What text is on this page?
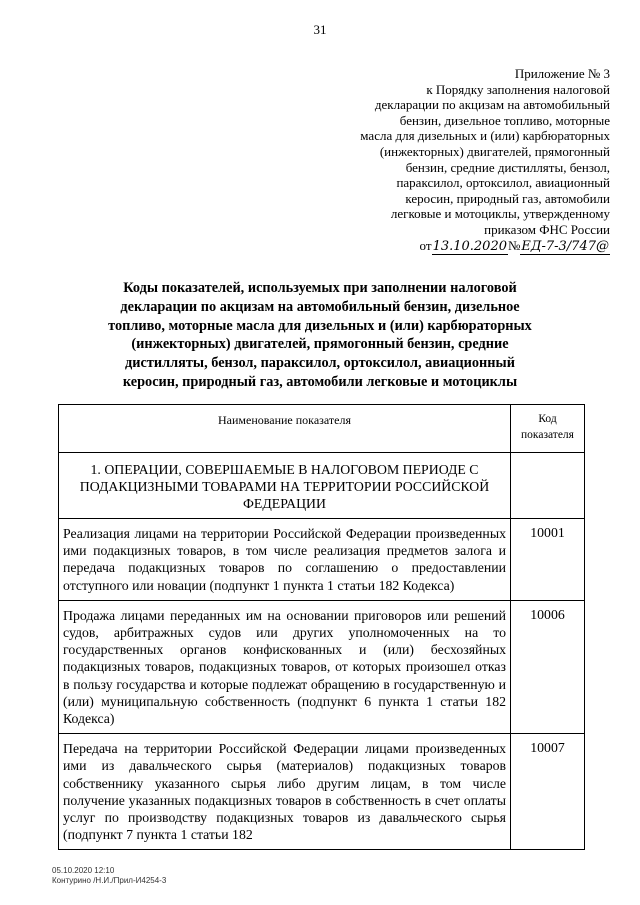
31
Приложение № 3
к Порядку заполнения налоговой
декларации по акцизам на автомобильный
бензин, дизельное топливо, моторные
масла для дизельных и (или) карбюраторных
(инжекторных) двигателей, прямогонный
бензин, средние дистилляты, бензол,
параксилол, ортоксилол, авиационный
керосин, природный газ, автомобили
легковые и мотоциклы, утвержденному
приказом ФНС России
от13.10.2020№ЕД-7-3/747@
Коды показателей, используемых при заполнении налоговой
декларации по акцизам на автомобильный бензин, дизельное
топливо, моторные масла для дизельных и (или) карбюраторных
(инжекторных) двигателей, прямогонный бензин, средние
дистилляты, бензол, параксилол, ортоксилол, авиационный
керосин, природный газ, автомобили легковые и мотоциклы
Наименование показателя	Код показателя
1. ОПЕРАЦИИ, СОВЕРШАЕМЫЕ В НАЛОГОВОМ ПЕРИОДЕ С ПОДАКЦИЗНЫМИ ТОВАРАМИ НА ТЕРРИТОРИИ РОССИЙСКОЙ ФЕДЕРАЦИИ	
Реализация лицами на территории Российской Федерации произведенных ими подакцизных товаров, в том числе реализация предметов залога и передача подакцизных товаров по соглашению о предоставлении отступного или новации (подпункт 1 пункта 1 статьи 182 Кодекса)	10001
Продажа лицами переданных им на основании приговоров или решений судов, арбитражных судов или других уполномоченных на то государственных органов конфискованных и (или) бесхозяйных подакцизных товаров, подакцизных товаров, от которых произошел отказ в пользу государства и которые подлежат обращению в государственную и (или) муниципальную собственность (подпункт 6 пункта 1 статьи 182 Кодекса)	10006
Передача на территории Российской Федерации лицами произведенных ими из давальческого сырья (материалов) подакцизных товаров собственнику указанного сырья либо другим лицам, в том числе получение указанных подакцизных товаров в собственность в счет оплаты услуг по производству подакцизных товаров из давальческого сырья (подпункт 7 пункта 1 статьи 182	10007
05.10.2020 12:10
Контурино /Н.И./Прил-И4254-3
